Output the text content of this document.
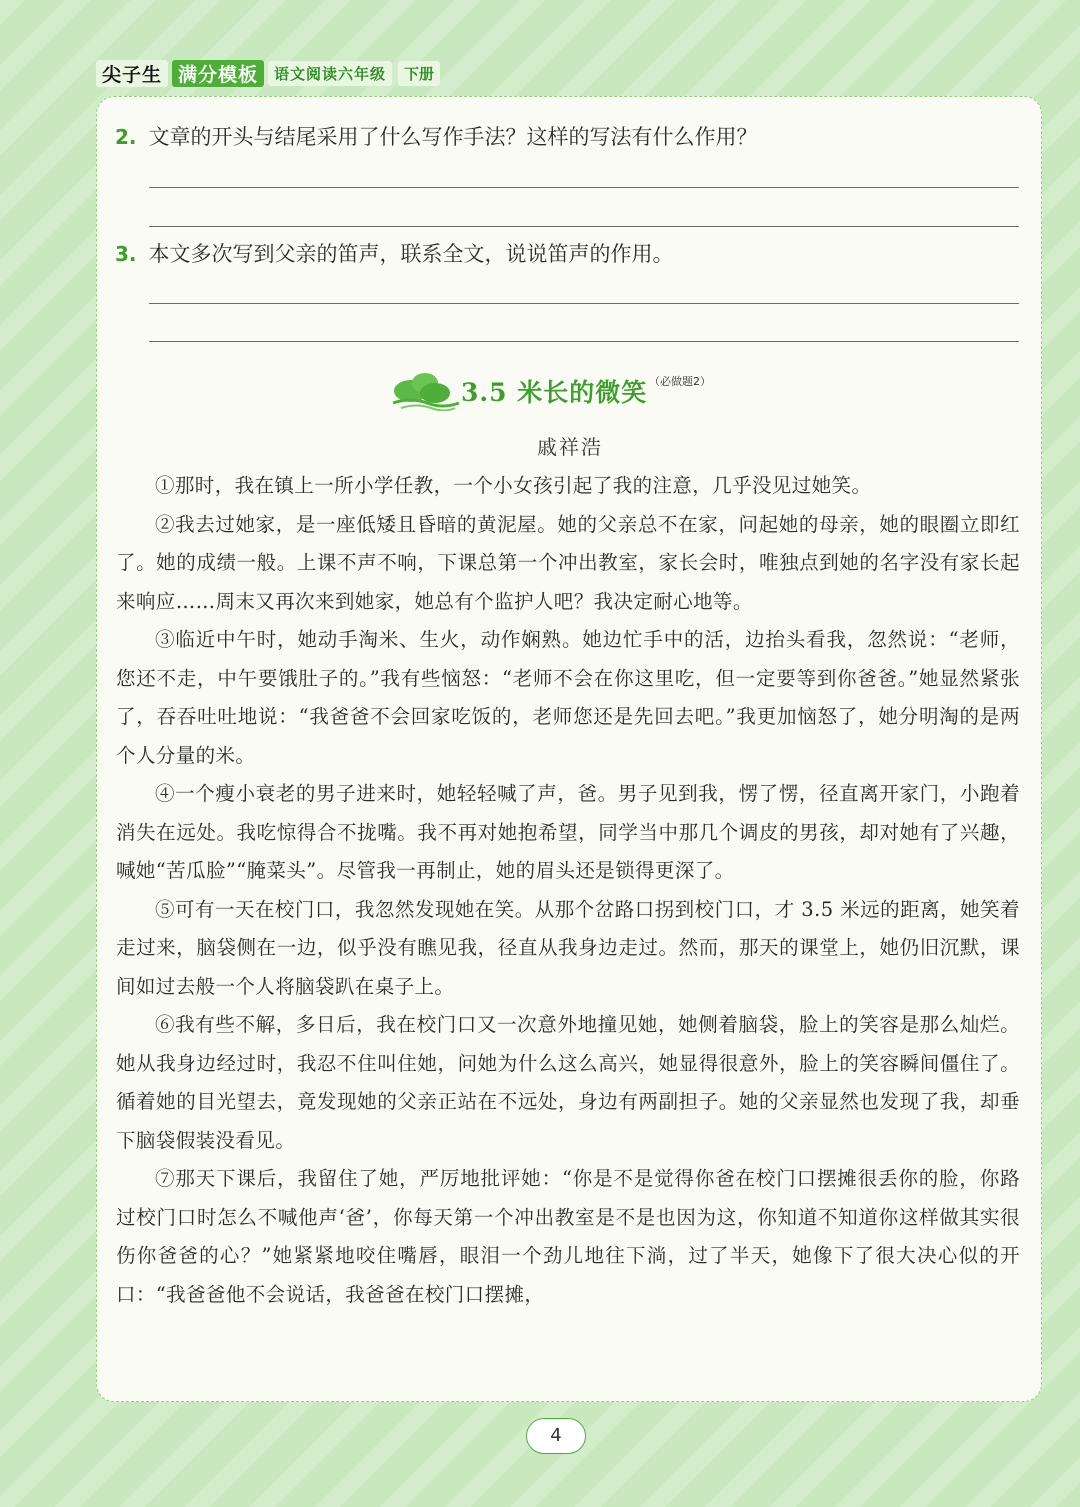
尖子生 满分模板	语文阅读六年级	下册
2. 文章的开头与结尾采用了什么写作手法？这样的写法有什么作用？
3. 本文多次写到父亲的笛声，联系全文，说说笛声的作用。
3.5 米长的微笑 （必做题2）
戚祥浩

①那时，我在镇上一所小学任教，一个小女孩引起了我的注意，几乎没见过她笑。

②我去过她家，是一座低矮且昏暗的黄泥屋。她的父亲总不在家，问起她的母亲，她的眼圈立即红了。她的成绩一般。上课不声不响，下课总第一个冲出教室，家长会时，唯独点到她的名字没有家长起来响应……周末又再次来到她家，她总有个监护人吧？我决定耐心地等。

③临近中午时，她动手淘米、生火，动作娴熟。她边忙手中的活，边抬头看我，忽然说：“老师，您还不走，中午要饿肚子的。”我有些恼怒：“老师不会在你这里吃，但一定要等到你爸爸。”她显然紧张了，吞吞吐吐地说：“我爸爸不会回家吃饭的，老师您还是先回去吧。”我更加恼怒了，她分明淘的是两个人分量的米。

④一个瘦小衰老的男子进来时，她轻轻喊了声，爸。男子见到我，愣了愣，径直离开家门，小跑着消失在远处。我吃惊得合不拢嘴。我不再对她抱希望，同学当中那几个调皮的男孩，却对她有了兴趣，喊她“苦瓜脸”“腌菜头”。尽管我一再制止，她的眉头还是锁得更深了。

⑤可有一天在校门口，我忽然发现她在笑。从那个岔路口拐到校门口，才 3.5 米远的距离，她笑着走过来，脑袋侧在一边，似乎没有瞧见我，径直从我身边走过。然而，那天的课堂上，她仍旧沉默，课间如过去般一个人将脑袋趴在桌子上。

⑥我有些不解，多日后，我在校门口又一次意外地撞见她，她侧着脑袋，脸上的笑容是那么灿烂。她从我身边经过时，我忍不住叫住她，问她为什么这么高兴，她显得很意外，脸上的笑容瞬间僵住了。循着她的目光望去，竟发现她的父亲正站在不远处，身边有两副担子。她的父亲显然也发现了我，却垂下脑袋假装没看见。

⑦那天下课后，我留住了她，严厉地批评她：“你是不是觉得你爸在校门口摆摊很丢你的脸，你路过校门口时怎么不喊他声‘爸’，你每天第一个冲出教室是不是也因为这，你知道不知道你这样做其实很伤你爸爸的心？”她紧紧地咬住嘴唇，眼泪一个劲儿地往下淌，过了半天，她像下了很大决心似的开口：“我爸爸他不会说话，我爸爸在校门口摆摊，

4
